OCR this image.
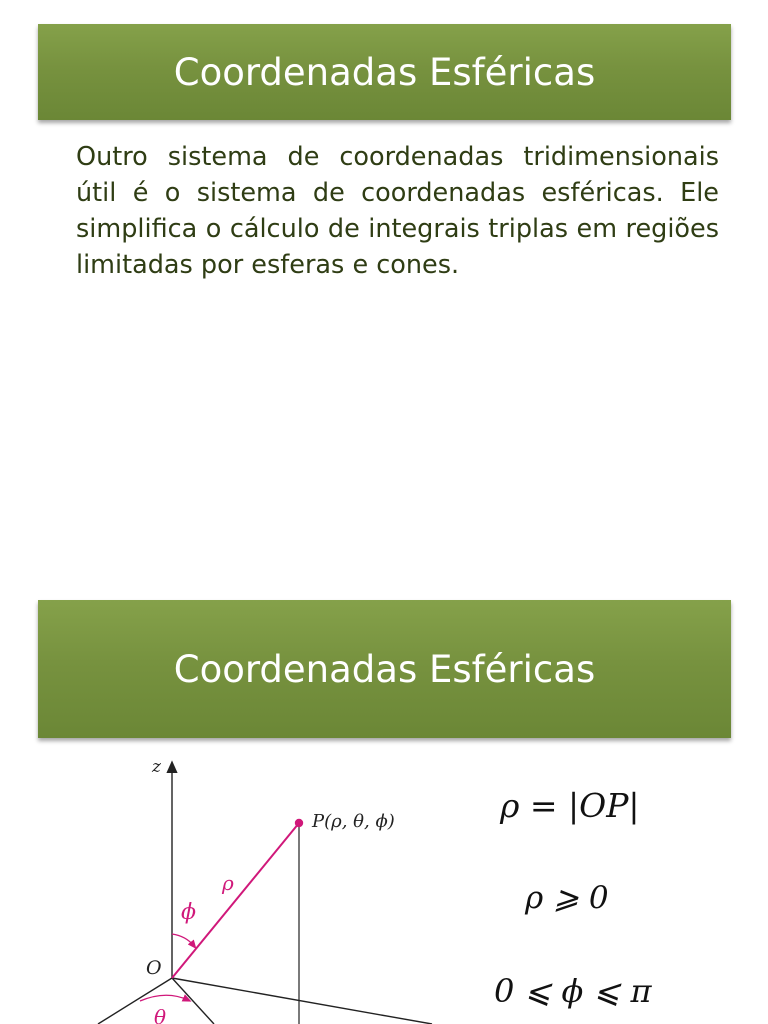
Coordenadas Esféricas

Outro sistema de coordenadas tridimensionais útil é o sistema de coordenadas esféricas. Ele simplifica o cálculo de integrais triplas em regiões limitadas por esferas e cones.

Coordenadas Esféricas
z
P(ρ, θ, ϕ)
ρ
ϕ
O
θ
ρ = |OP|
ρ ⩾ 0
0 ⩽ ϕ ⩽ π
